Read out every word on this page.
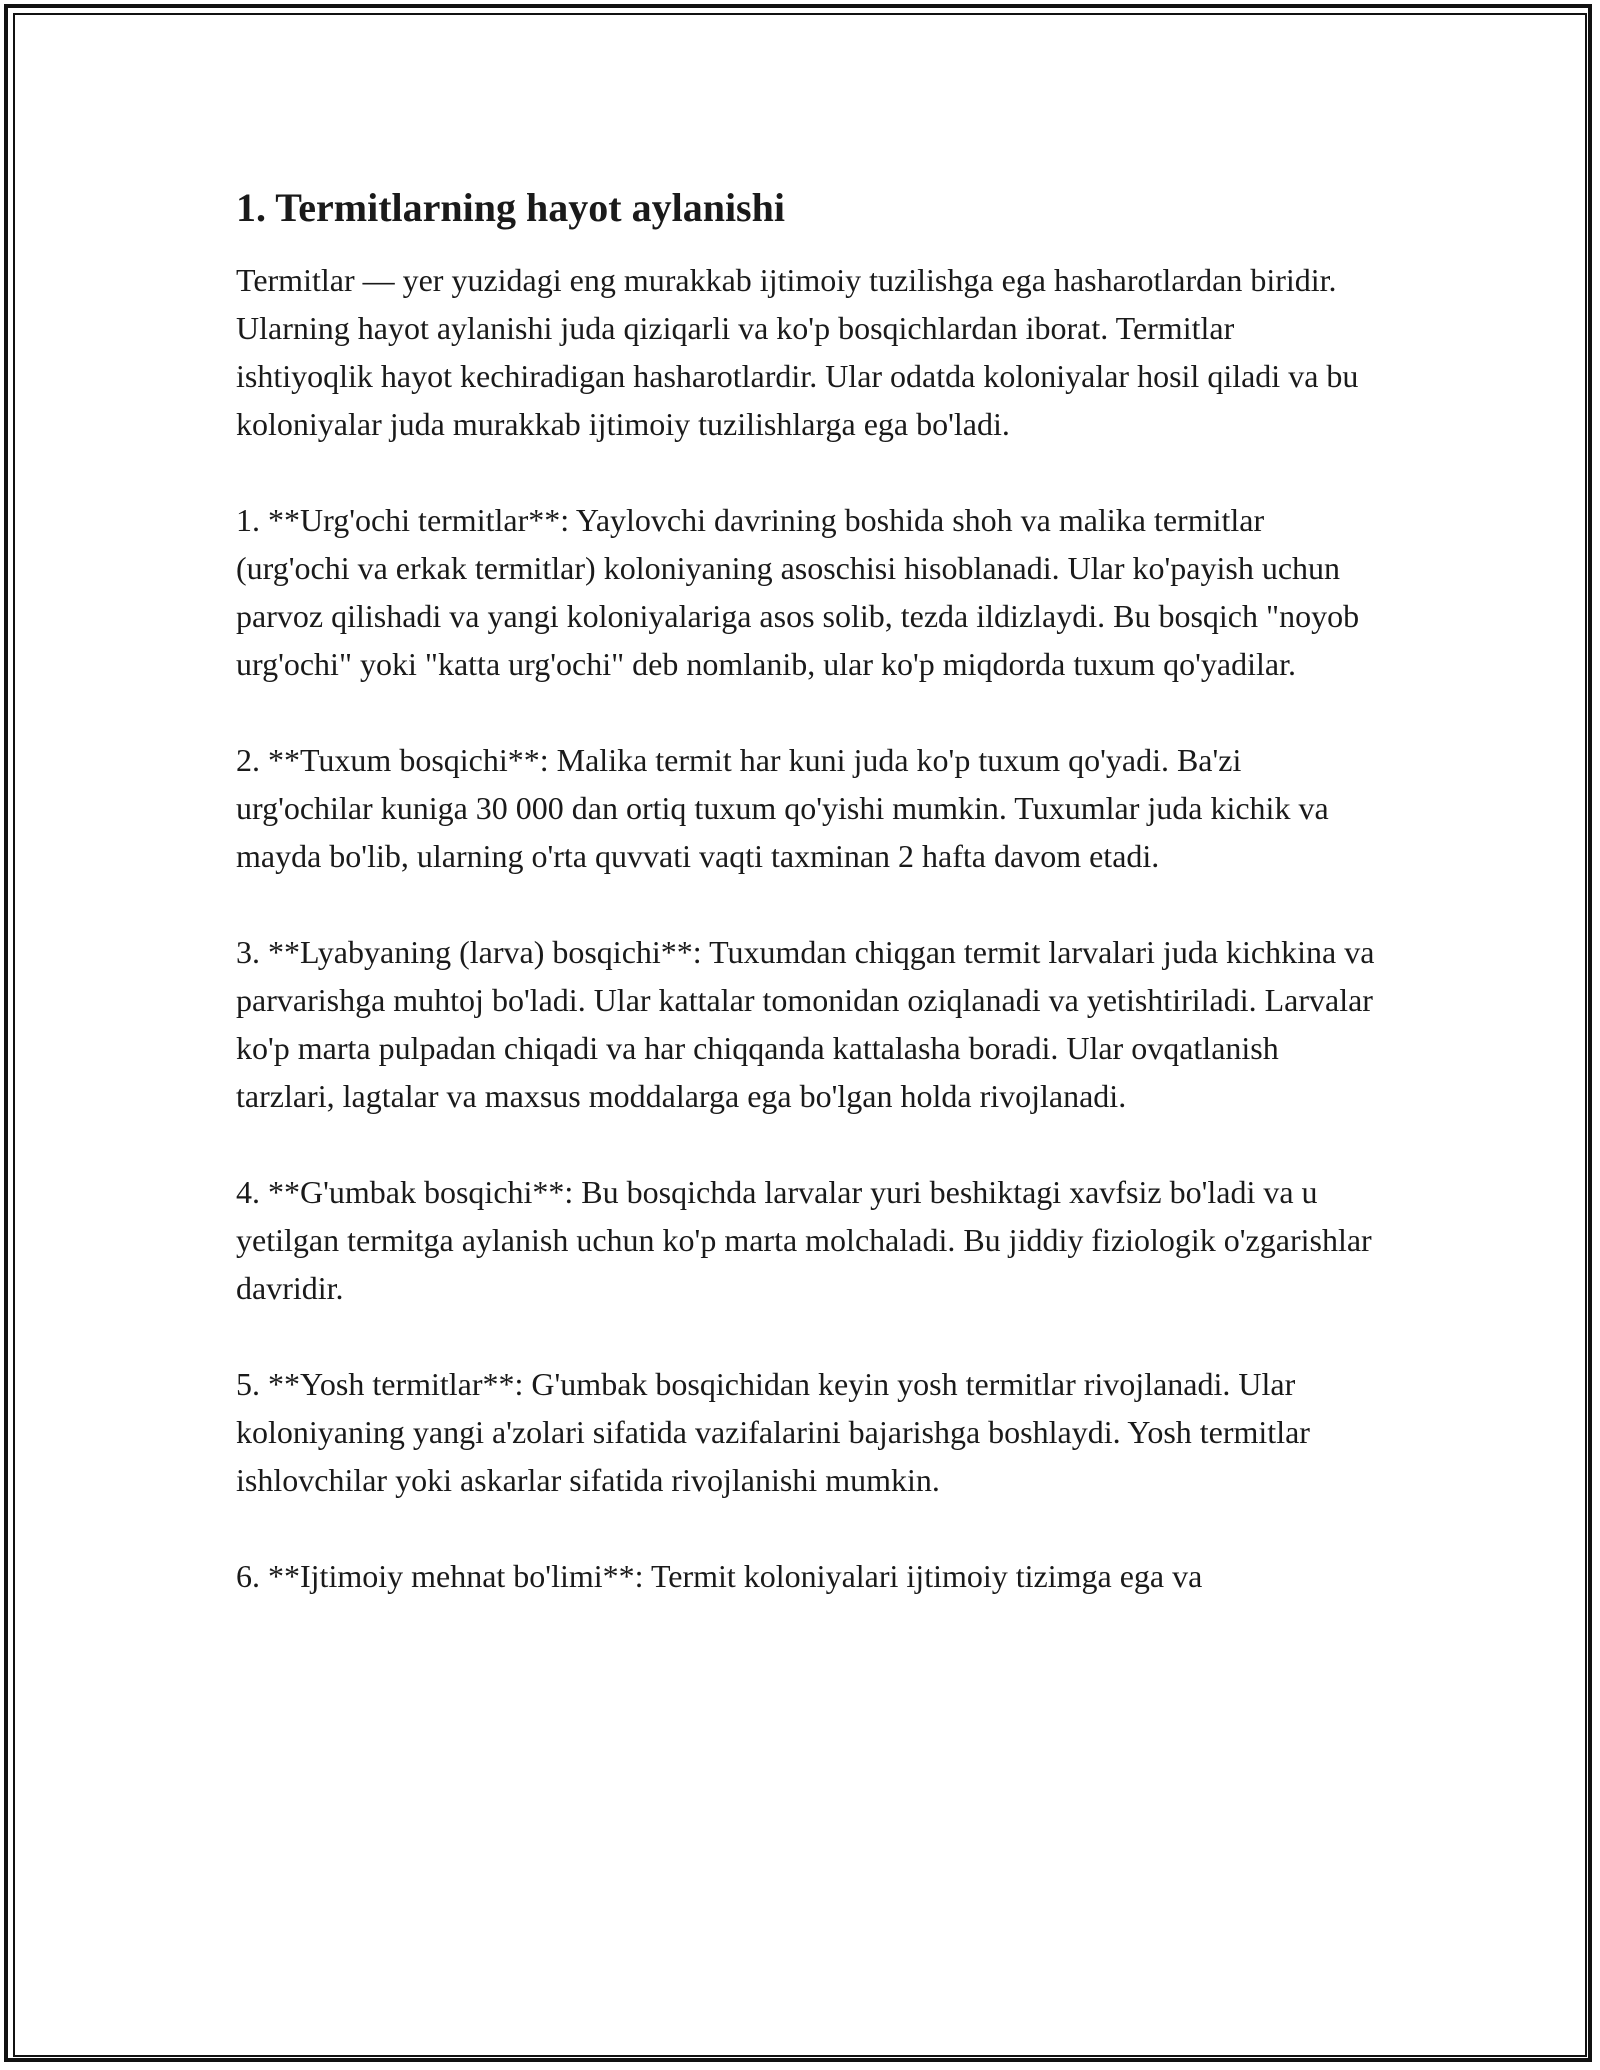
1. Termitlarning hayot aylanishi

Termitlar — yer yuzidagi eng murakkab ijtimoiy tuzilishga ega hasharotlardan biridir. Ularning hayot aylanishi juda qiziqarli va ko'p bosqichlardan iborat. Termitlar ishtiyoqlik hayot kechiradigan hasharotlardir. Ular odatda koloniyalar hosil qiladi va bu koloniyalar juda murakkab ijtimoiy tuzilishlarga ega bo'ladi.

1. **Urg'ochi termitlar**: Yaylovchi davrining boshida shoh va malika termitlar (urg'ochi va erkak termitlar) koloniyaning asoschisi hisoblanadi. Ular ko'payish uchun parvoz qilishadi va yangi koloniyalariga asos solib, tezda ildizlaydi. Bu bosqich "noyob urg'ochi" yoki "katta urg'ochi" deb nomlanib, ular ko'p miqdorda tuxum qo'yadilar.

2. **Tuxum bosqichi**: Malika termit har kuni juda ko'p tuxum qo'yadi. Ba'zi urg'ochilar kuniga 30 000 dan ortiq tuxum qo'yishi mumkin. Tuxumlar juda kichik va mayda bo'lib, ularning o'rta quvvati vaqti taxminan 2 hafta davom etadi.

3. **Lyabyaning (larva) bosqichi**: Tuxumdan chiqgan termit larvalari juda kichkina va parvarishga muhtoj bo'ladi. Ular kattalar tomonidan oziqlanadi va yetishtiriladi. Larvalar ko'p marta pulpadan chiqadi va har chiqqanda kattalasha boradi. Ular ovqatlanish tarzlari, lagtalar va maxsus moddalarga ega bo'lgan holda rivojlanadi.

4. **G'umbak bosqichi**: Bu bosqichda larvalar yuri beshiktagi xavfsiz bo'ladi va u yetilgan termitga aylanish uchun ko'p marta molchaladi. Bu jiddiy fiziologik o'zgarishlar davridir.

5. **Yosh termitlar**: G'umbak bosqichidan keyin yosh termitlar rivojlanadi. Ular koloniyaning yangi a'zolari sifatida vazifalarini bajarishga boshlaydi. Yosh termitlar ishlovchilar yoki askarlar sifatida rivojlanishi mumkin.

6. **Ijtimoiy mehnat bo'limi**: Termit koloniyalari ijtimoiy tizimga ega va
